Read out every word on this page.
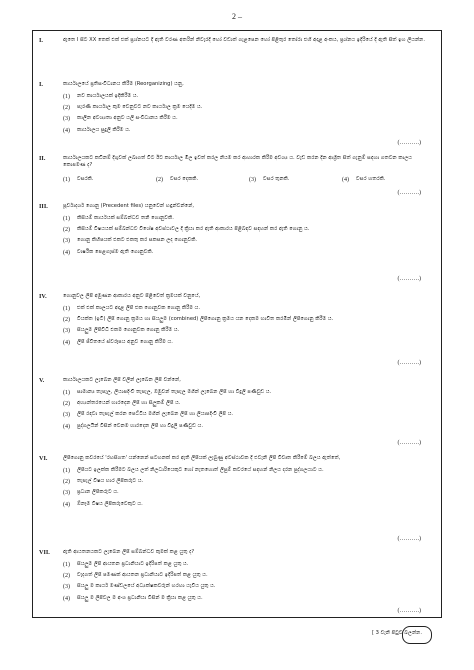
2 –
I.	ඇතෙ I සිට XX තෙක් එක් එක් ප්‍රශ්නයට දී ඇති වරණ අතරින් නිවැරදි හෝ වඩාත් ගැළපෙන හෝ පිළිතුර තෝරා එහි අදාළ අංකය, ප්‍රශ්නය ඉදිරියේ දී ඇති සිත් ඉහ ලියන්න.
I.	කාර්යාලයේ ප්‍රතිසංවිධානය කිරීම (Reorganizing) යනු,
(1)	නව කාර්යාලයක් ඉදිකිරීම ය.
(2)	පැරණි කාර්යාල කුම වෙනුවට නව කාර්යාල ක්‍රම යෙදීම ය.
(3)	කාලීන අවශ්‍යතා අනුව යලි සංවිධානය කිරීම ය.
(4)	කාර්යාලය සුදුලි කිරීම ය.
(……….)
II.	කාර්යාලයකට කඩිනම් දිගුවක් ලබාගත් විට ඊට කාර්යාල මිල ඉවත් කරල නියම කර ආහාරක කිරීම අවශ්‍ය ය. වැඩ කරන දින ආශ්‍රිත සිත් ගැනුම් සඳහා ගතවන කාලය කොපමණ ද?
(1)	වසරකි.	(2)	වසර දෙකකි.	(3)	වසර තුනකි.	(4)	වසර හතරකි.
(……….)
III.	පූර්වාදර්ශ ගොනු (Precedent files) යනුවෙන් හඳුන්වන්නේ,
(1)	කිසියම් කාර්යයක් සම්බන්ධව තනි ගොනුවකි.
(2)	කිසියම් විෂයයක් සම්බන්ධව විශේෂ අවස්ථාවල දී ක්‍රියා කර ඇති ආකාරය පිළිබඳව සඳහන් කර ඇති ගොනු ය.
(3)	ගොනු කිහිපයක් එකට එකතු කර සකසන ලද ගොනුවකි.
(4)	වාර්ෂික පෙළගැස්ම ඇති ගොනුවකි.
(……….)
IV.	ගොනුවල ලිපි අමුණන ආකාරය අනුව පිළිවෙත් ක්‍රමයක් වනුයේ,
(1)	එක් එක් කාලයට අදාළ ලිපි එක ගොනුවක ගොනු කිරීම ය.
(2)	වියක්ත (ඉටි) ලිපි ගොනු ක්‍රමය හා සියලුම (combined) ලිපිගොනු ක්‍රමය යන දෙකම භාවිත කරමින් ලිපිගොනු කිරීම ය.
(3)	සියලුම ලිපිවිධි එකම ගොනුවක ගොනු කිරීම ය.
(4)	ලිපි ජීවිතයේ ස්වරූපය අනුව ගොනු කිරීම ය.
(……….)
V.	කාර්යාලයකට ලැබෙන ලිපි වලින් ලැබෙන ලිපි වන්නේ,
(1)	සාමාන්‍ය තැපැල, ලියාපදිංචි තැපැල, ඔමුවන් තැපැල මගින් ලැබෙන ලිපි හා විදුලි පණිවුඩ ය.
(2)	අභ්‍යන්තරයෙන් භාරදෙන ලිපි හා සිලුකම් ලිපි ය.
(3)	ලිපි රඳවා තැපැල් කරන පෙට්ටිය මගින් ලැබෙන ලිපි හා ලියාපදිංචි ලිපි ය.
(4)	පුද්ගලයින් විසින් වෙනම භාරදෙන ලිපි හා විදුලි පණිවුඩ ය.
(……….)
VI.	ලිපිගොනු කවරයේ 'රහසිගත' යන්නෙන් සටහනක් කර ඇති ලිපියක් ලැබුණු අවස්ථාවක දී එවැනි ලිපි විවෘත කිරීමේ බලය ඇත්තේ,
(1)	ලිපියට ඉලක්ක කිරීමට බලය ලත් නිලධාරියෙකුට හෝ නැතහොත් ලිපුම් කවරයේ සඳහන් නිලය දරන පුද්ගලයාට ය.
(2)	තැපැල් විෂය භාර ලිපිකරුට ය.
(3)	ප්‍රධාන ලිපිකරුට ය.
(4)	ඕනෑම විෂය ලිපිකරුවෙකුට ය.
(……….)
VII.	ඇති ආයතනයකට ලැබෙන ලිපි සම්බන්ධව කුමක් කළ යුතු ද?
(1)	සියලුම ලිපි ආයතන ප්‍රධානියාට ඉදිරිපත් කළ යුතු ය.
(2)	වැදගත් ලිපි පමණක් ආයතන ප්‍රධානියාට ඉදිරිපත් කළ යුතු ය.
(3)	සියලු ම කාර්ය මණ්ඩලයේ අධ්‍යක්ෂකවරුන් හරහා යැවිය යුතු ය.
(4)	සියලු ම ලිපිවල ම අංශ ප්‍රධානියා විසින් ම ක්‍රියා කළ යුතු ය.
(……….)
[ 3 වැනි පිටුව බලන්න.
